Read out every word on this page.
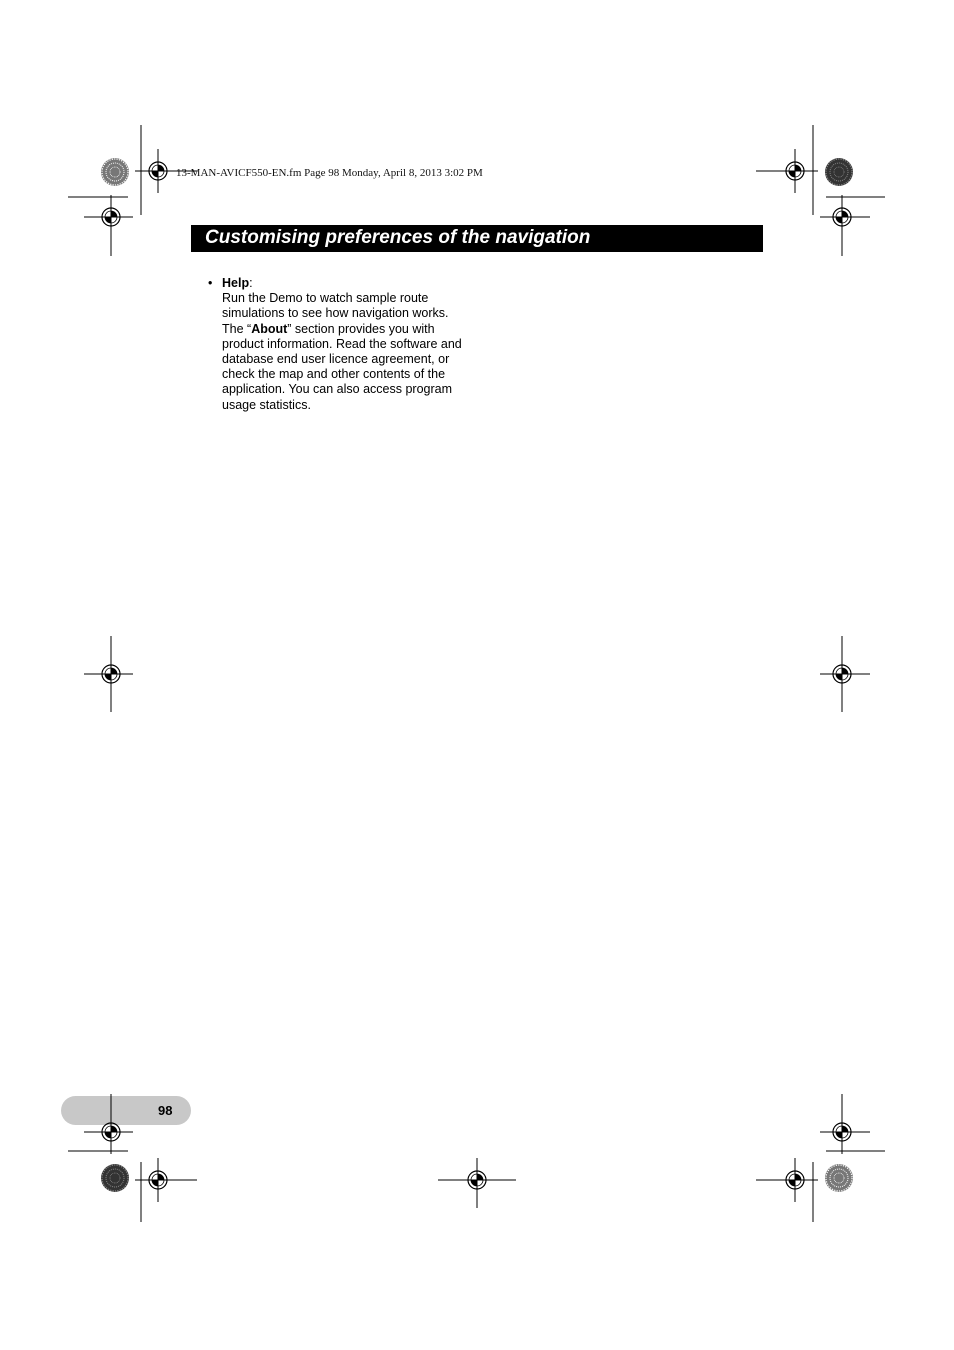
13-MAN-AVICF550-EN.fm Page 98 Monday, April 8, 2013 3:02 PM
Customising preferences of the navigation
• Help:
Run the Demo to watch sample route simulations to see how navigation works. The “About” section provides you with product information. Read the software and database end user licence agreement, or check the map and other contents of the application. You can also access program usage statistics.
98
